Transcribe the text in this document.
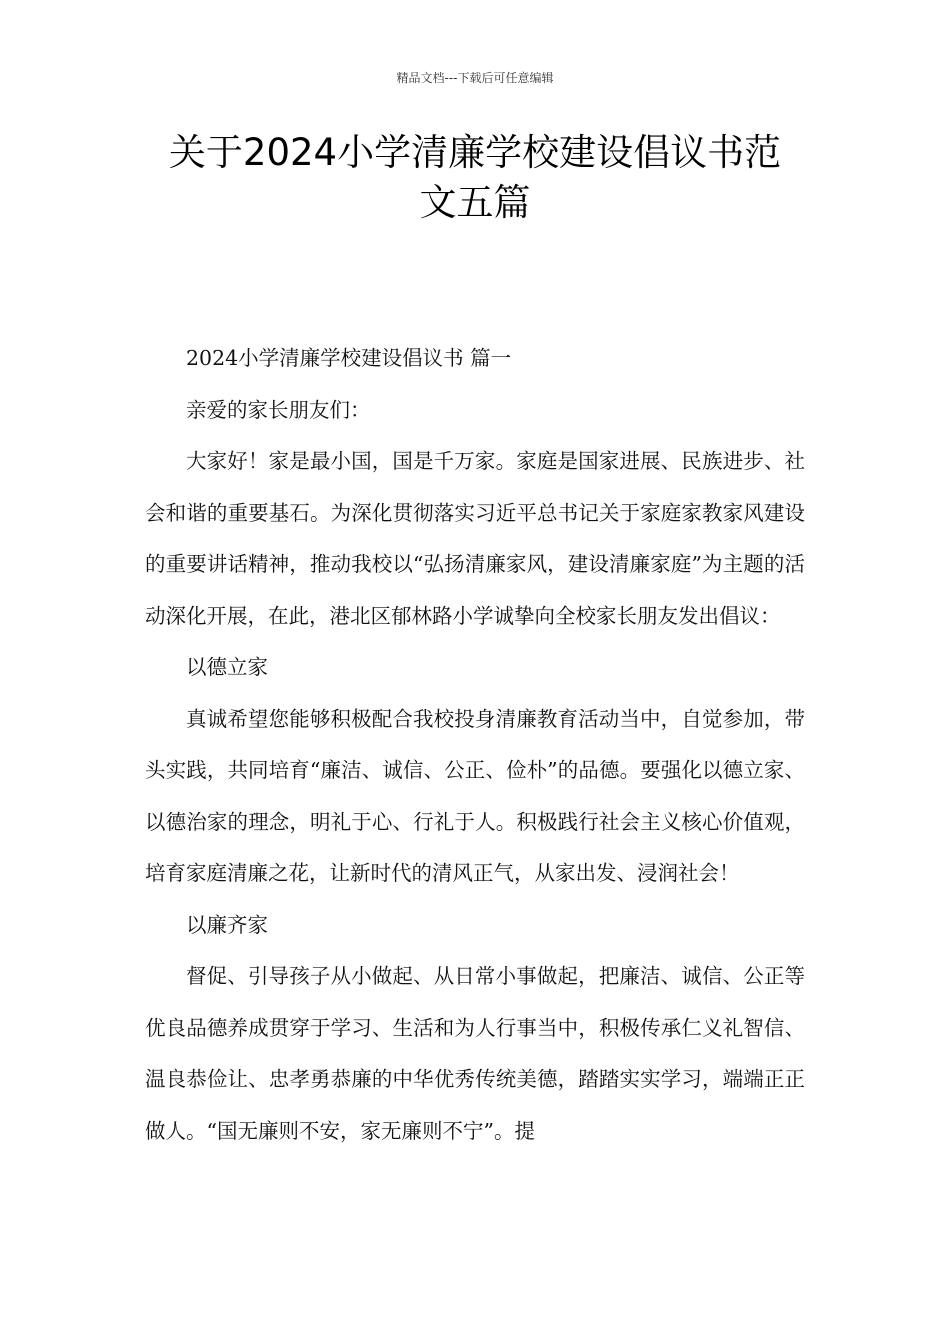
精品文档---下载后可任意编辑
关于2024小学清廉学校建设倡议书范
文五篇

2024小学清廉学校建设倡议书 篇一

亲爱的家长朋友们：

大家好！家是最小国，国是千万家。家庭是国家进展、民族进步、社会和谐的重要基石。为深化贯彻落实习近平总书记关于家庭家教家风建设的重要讲话精神，推动我校以“弘扬清廉家风，建设清廉家庭”为主题的活动深化开展，在此，港北区郁林路小学诚挚向全校家长朋友发出倡议：

以德立家

真诚希望您能够积极配合我校投身清廉教育活动当中，自觉参加，带头实践，共同培育“廉洁、诚信、公正、俭朴”的品德。要强化以德立家、以德治家的理念，明礼于心、行礼于人。积极践行社会主义核心价值观，培育家庭清廉之花，让新时代的清风正气，从家出发、浸润社会！

以廉齐家

督促、引导孩子从小做起、从日常小事做起，把廉洁、诚信、公正等优良品德养成贯穿于学习、生活和为人行事当中，积极传承仁义礼智信、温良恭俭让、忠孝勇恭廉的中华优秀传统美德，踏踏实实学习，端端正正做人。“国无廉则不安，家无廉则不宁”。提
